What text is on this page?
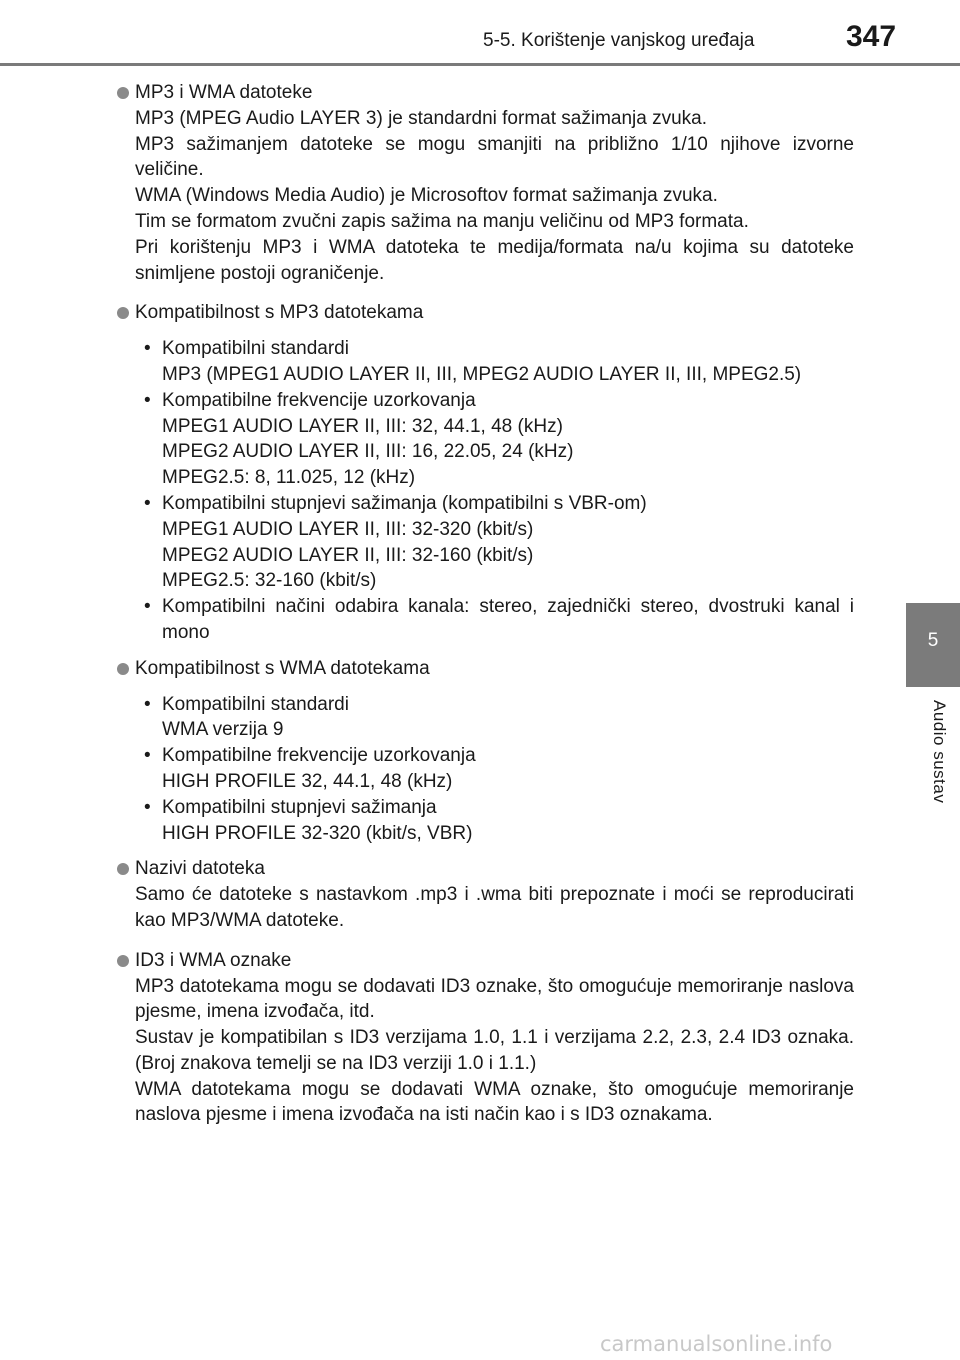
5-5. Korištenje vanjskog uređaja	347
5
Audio sustav
MP3 i WMA datoteke
MP3 (MPEG Audio LAYER 3) je standardni format sažimanja zvuka.
MP3 sažimanjem datoteke se mogu smanjiti na približno 1/10 njihove izvorne veličine.
WMA (Windows Media Audio) je Microsoftov format sažimanja zvuka.
Tim se formatom zvučni zapis sažima na manju veličinu od MP3 formata.
Pri korištenju MP3 i WMA datoteka te medija/formata na/u kojima su datoteke snimljene postoji ograničenje.
Kompatibilnost s MP3 datotekama
• Kompatibilni standardi
MP3 (MPEG1 AUDIO LAYER II, III, MPEG2 AUDIO LAYER II, III, MPEG2.5)
• Kompatibilne frekvencije uzorkovanja
MPEG1 AUDIO LAYER II, III: 32, 44.1, 48 (kHz)
MPEG2 AUDIO LAYER II, III: 16, 22.05, 24 (kHz)
MPEG2.5: 8, 11.025, 12 (kHz)
• Kompatibilni stupnjevi sažimanja (kompatibilni s VBR-om)
MPEG1 AUDIO LAYER II, III: 32-320 (kbit/s)
MPEG2 AUDIO LAYER II, III: 32-160 (kbit/s)
MPEG2.5: 32-160 (kbit/s)
• Kompatibilni načini odabira kanala: stereo, zajednički stereo, dvostruki kanal i mono
Kompatibilnost s WMA datotekama
• Kompatibilni standardi
WMA verzija 9
• Kompatibilne frekvencije uzorkovanja
HIGH PROFILE 32, 44.1, 48 (kHz)
• Kompatibilni stupnjevi sažimanja
HIGH PROFILE 32-320 (kbit/s, VBR)
Nazivi datoteka
Samo će datoteke s nastavkom .mp3 i .wma biti prepoznate i moći se reproducirati kao MP3/WMA datoteke.
ID3 i WMA oznake
MP3 datotekama mogu se dodavati ID3 oznake, što omogućuje memoriranje naslova pjesme, imena izvođača, itd.
Sustav je kompatibilan s ID3 verzijama 1.0, 1.1 i verzijama 2.2, 2.3, 2.4 ID3 oznaka. (Broj znakova temelji se na ID3 verziji 1.0 i 1.1.)
WMA datotekama mogu se dodavati WMA oznake, što omogućuje memoriranje naslova pjesme i imena izvođača na isti način kao i s ID3 oznakama.
carmanualsonline.info
